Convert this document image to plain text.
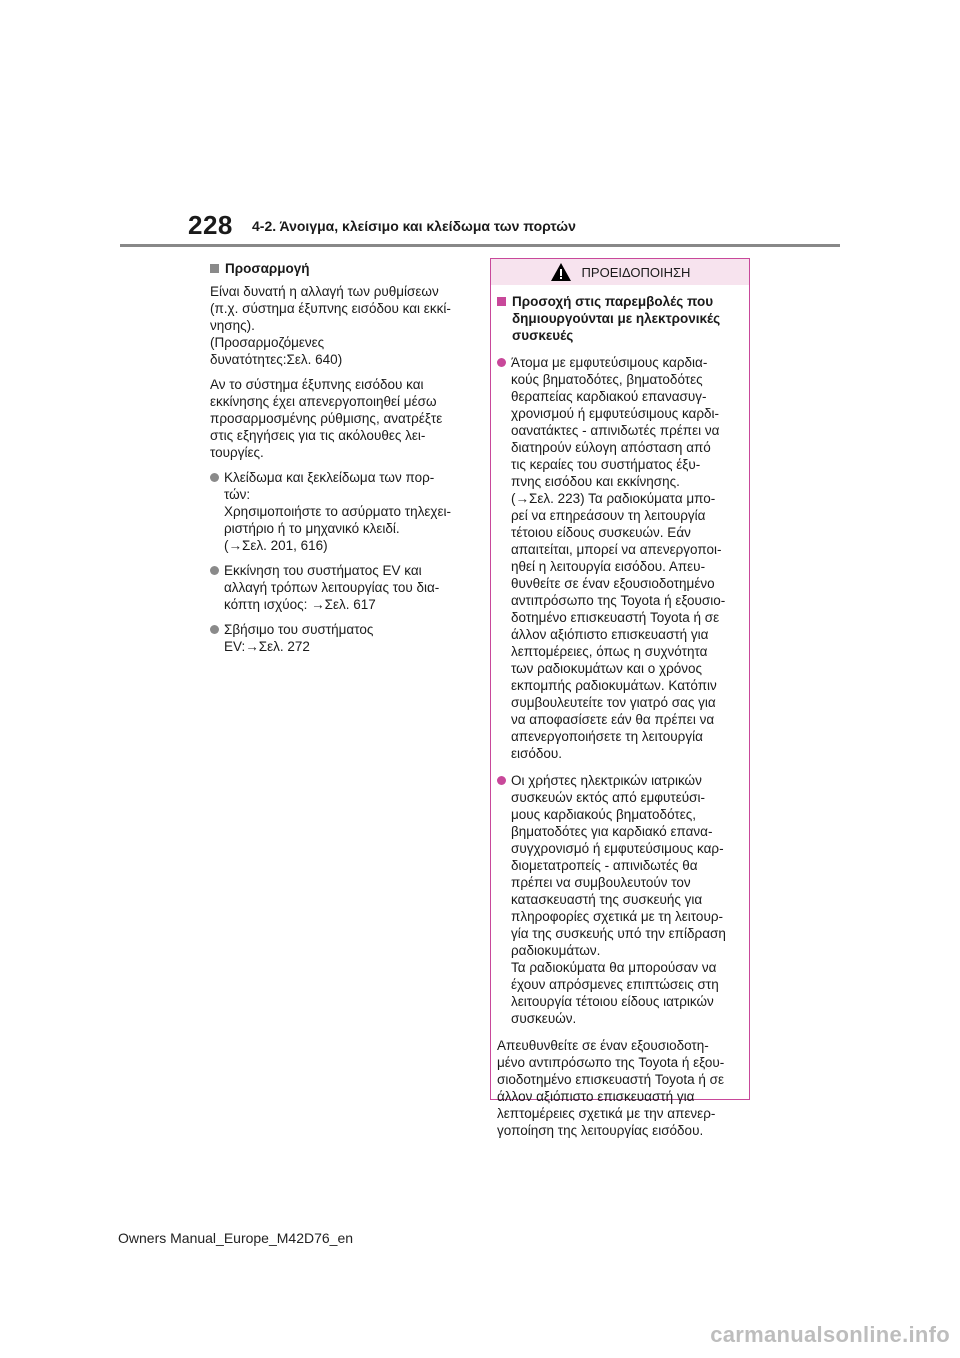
228 4-2. Άνοιγμα, κλείσιμο και κλείδωμα των πορτών
Προσαρμογή
Είναι δυνατή η αλλαγή των ρυθμίσεων
(π.χ. σύστημα έξυπνης εισόδου και εκκί-
νησης).
(Προσαρμοζόμενες
δυνατότητες:Σελ. 640)
Αν το σύστημα έξυπνης εισόδου και
εκκίνησης έχει απενεργοποιηθεί μέσω
προσαρμοσμένης ρύθμισης, ανατρέξτε
στις εξηγήσεις για τις ακόλουθες λει-
τουργίες.
Κλείδωμα και ξεκλείδωμα των πορ-
τών:
Χρησιμοποιήστε το ασύρματο τηλεχει-
ριστήριο ή το μηχανικό κλειδί.
(→Σελ. 201, 616)
Εκκίνηση του συστήματος EV και
αλλαγή τρόπων λειτουργίας του δια-
κόπτη ισχύος: →Σελ. 617
Σβήσιμο του συστήματος
EV:→Σελ. 272
ΠΡΟΕΙΔΟΠΟΙΗΣΗ
Προσοχή στις παρεμβολές που
δημιουργούνται με ηλεκτρονικές
συσκευές
Άτομα με εμφυτεύσιμους καρδια-
κούς βηματοδότες, βηματοδότες
θεραπείας καρδιακού επανασυγ-
χρονισμού ή εμφυτεύσιμους καρδι-
οανατάκτες - απινιδωτές πρέπει να
διατηρούν εύλογη απόσταση από
τις κεραίες του συστήματος έξυ-
πνης εισόδου και εκκίνησης.
(→Σελ. 223) Τα ραδιοκύματα μπο-
ρεί να επηρεάσουν τη λειτουργία
τέτοιου είδους συσκευών. Εάν
απαιτείται, μπορεί να απενεργοποι-
ηθεί η λειτουργία εισόδου. Απευ-
θυνθείτε σε έναν εξουσιοδοτημένο
αντιπρόσωπο της Toyota ή εξουσιο-
δοτημένο επισκευαστή Toyota ή σε
άλλον αξιόπιστο επισκευαστή για
λεπτομέρειες, όπως η συχνότητα
των ραδιοκυμάτων και ο χρόνος
εκπομπής ραδιοκυμάτων. Κατόπιν
συμβουλευτείτε τον γιατρό σας για
να αποφασίσετε εάν θα πρέπει να
απενεργοποιήσετε τη λειτουργία
εισόδου.
Οι χρήστες ηλεκτρικών ιατρικών
συσκευών εκτός από εμφυτεύσι-
μους καρδιακούς βηματοδότες,
βηματοδότες για καρδιακό επανα-
συγχρονισμό ή εμφυτεύσιμους καρ-
διομετατροπείς - απινιδωτές θα
πρέπει να συμβουλευτούν τον
κατασκευαστή της συσκευής για
πληροφορίες σχετικά με τη λειτουρ-
γία της συσκευής υπό την επίδραση
ραδιοκυμάτων.
Τα ραδιοκύματα θα μπορούσαν να
έχουν απρόσμενες επιπτώσεις στη
λειτουργία τέτοιου είδους ιατρικών
συσκευών.
Απευθυνθείτε σε έναν εξουσιοδοτη-
μένο αντιπρόσωπο της Toyota ή εξου-
σιοδοτημένο επισκευαστή Toyota ή σε
άλλον αξιόπιστο επισκευαστή για
λεπτομέρειες σχετικά με την απενερ-
γοποίηση της λειτουργίας εισόδου.
Owners Manual_Europe_M42D76_en
carmanualsonline.info
